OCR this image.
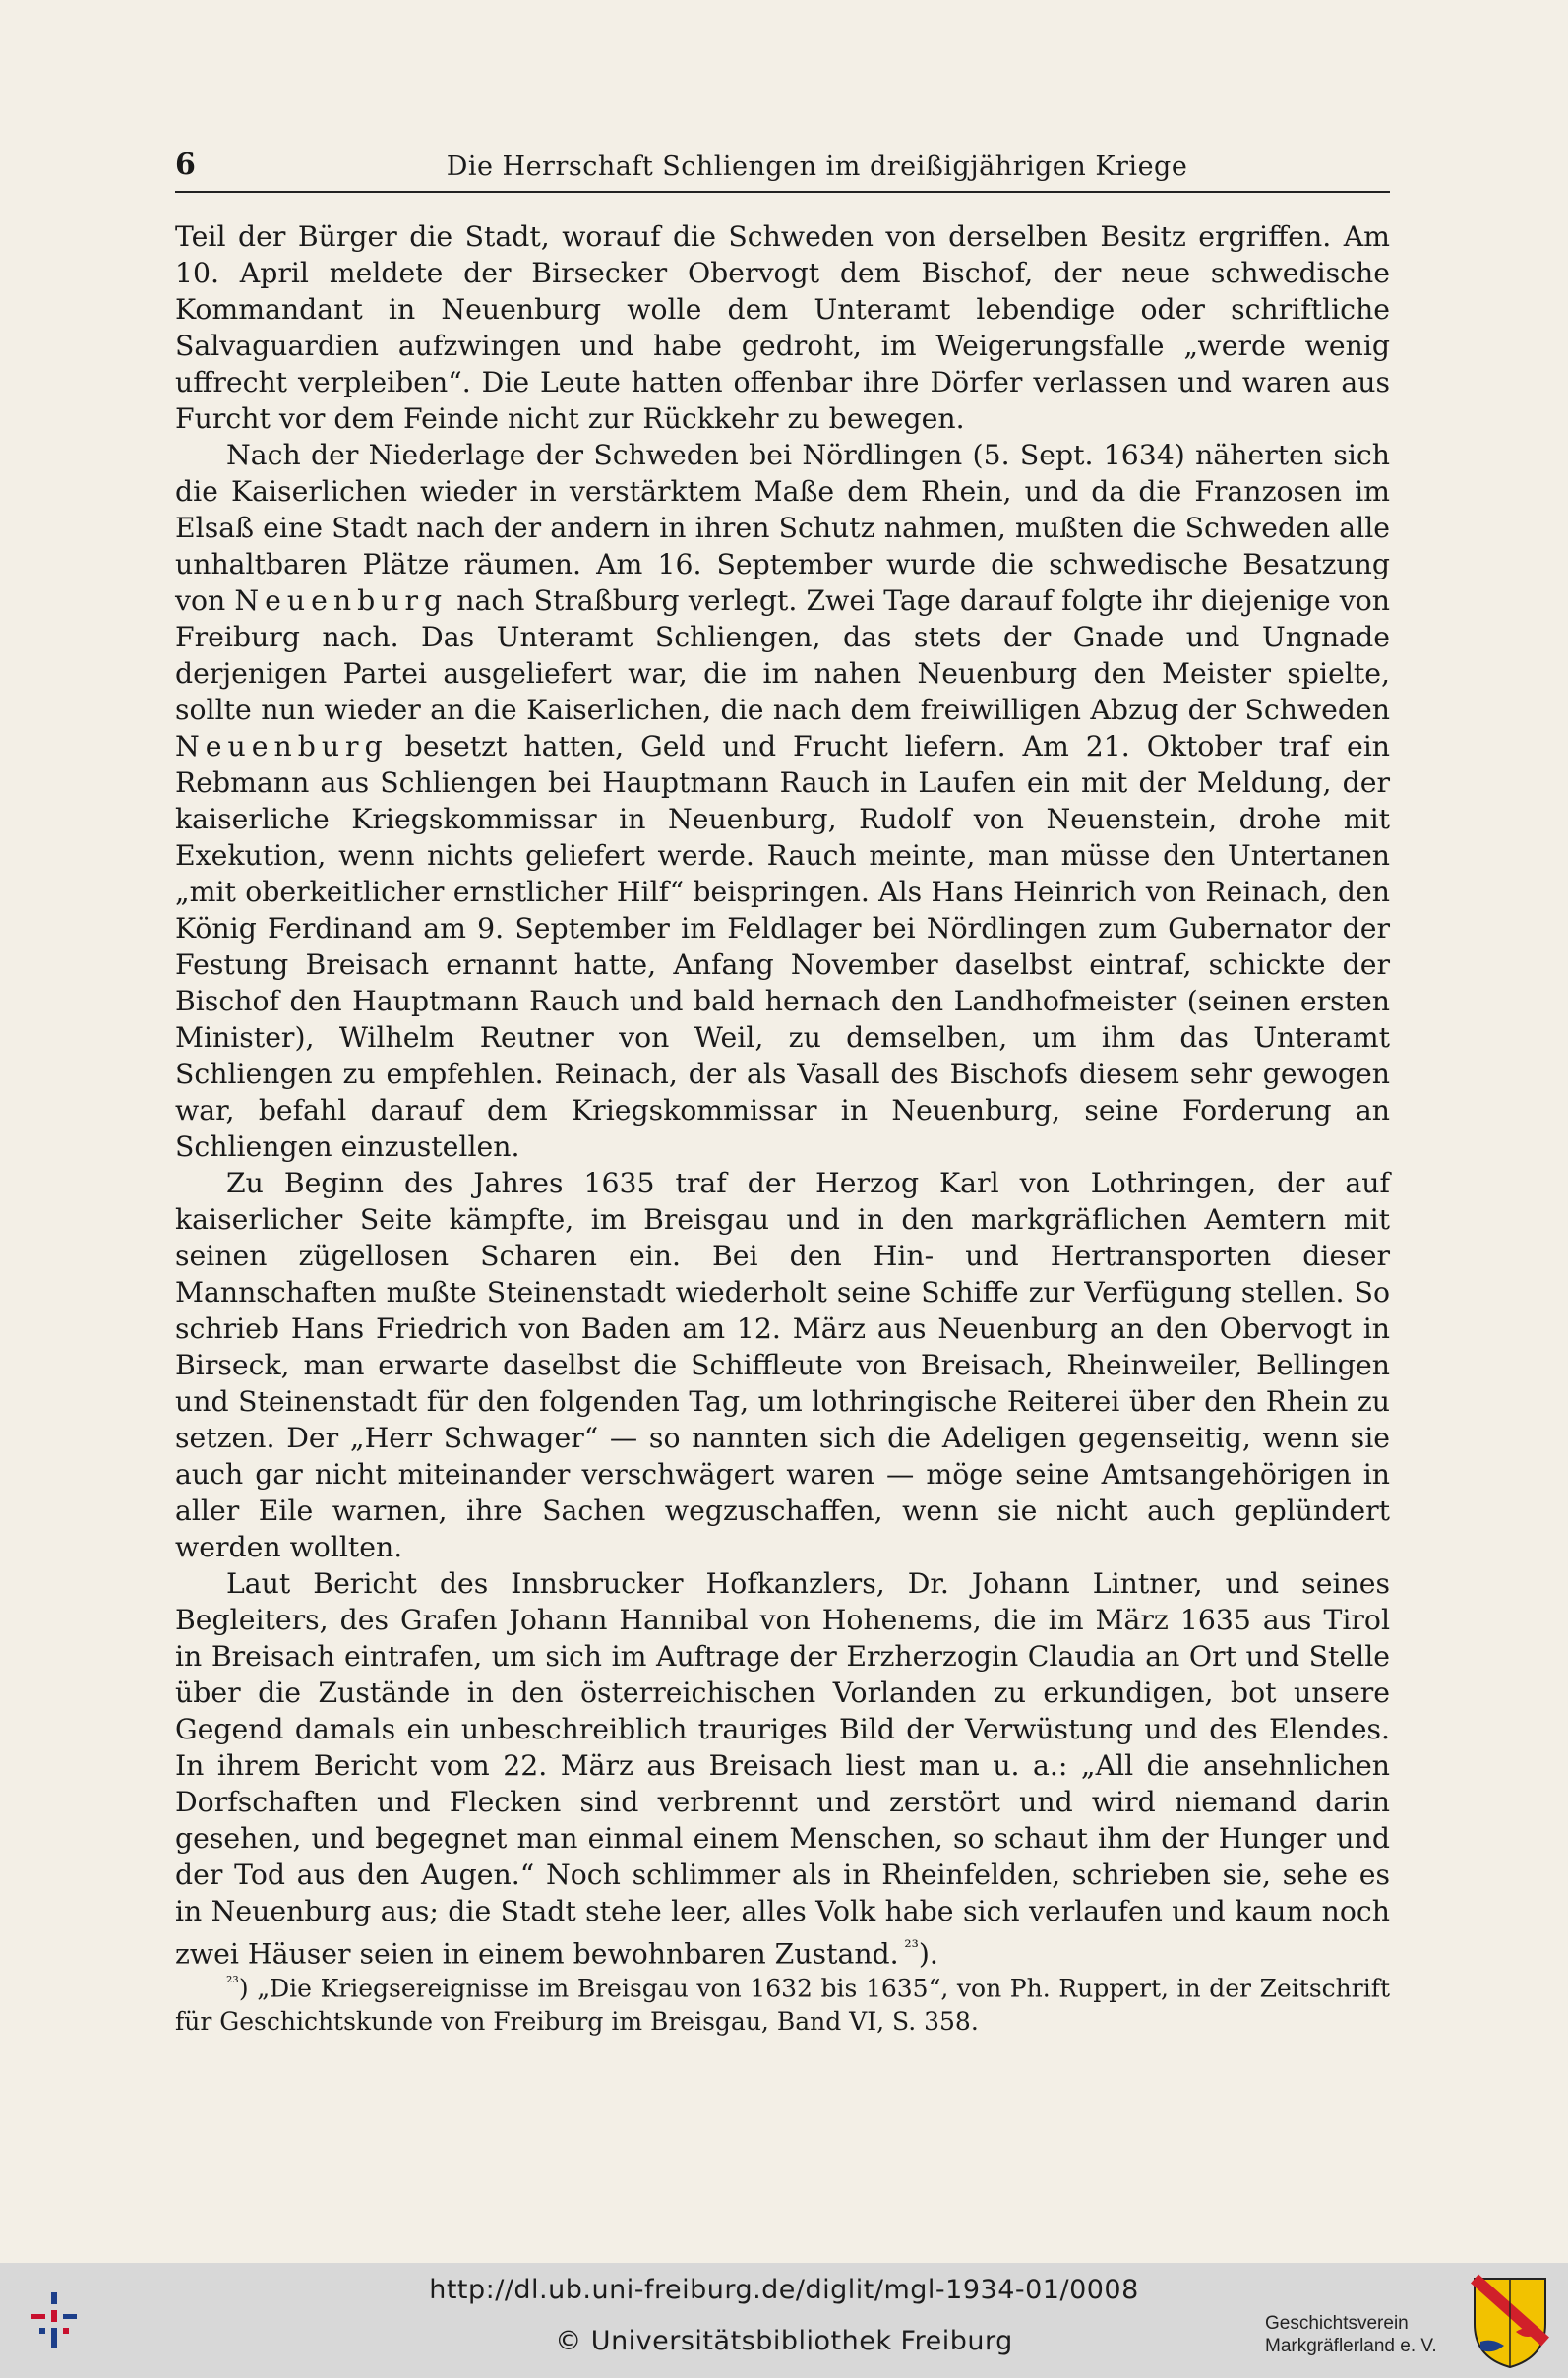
6	Die Herrschaft Schliengen im dreißigjährigen Kriege

Teil der Bürger die Stadt, worauf die Schweden von derselben Besitz ergriffen. Am 10. April meldete der Birsecker Obervogt dem Bischof, der neue schwedische Kommandant in Neuenburg wolle dem Unteramt lebendige oder schriftliche Salvaguardien aufzwingen und habe gedroht, im Weigerungsfalle „werde wenig uffrecht verpleiben“. Die Leute hatten offenbar ihre Dörfer verlassen und waren aus Furcht vor dem Feinde nicht zur Rückkehr zu bewegen.

Nach der Niederlage der Schweden bei Nördlingen (5. Sept. 1634) näherten sich die Kaiserlichen wieder in verstärktem Maße dem Rhein, und da die Franzosen im Elsaß eine Stadt nach der andern in ihren Schutz nahmen, mußten die Schweden alle unhaltbaren Plätze räumen. Am 16. September wurde die schwedische Besatzung von Neuenburg nach Straßburg verlegt. Zwei Tage darauf folgte ihr diejenige von Freiburg nach. Das Unteramt Schliengen, das stets der Gnade und Ungnade derjenigen Partei ausgeliefert war, die im nahen Neuenburg den Meister spielte, sollte nun wieder an die Kaiserlichen, die nach dem freiwilligen Abzug der Schweden Neuenburg besetzt hatten, Geld und Frucht liefern. Am 21. Oktober traf ein Rebmann aus Schliengen bei Hauptmann Rauch in Laufen ein mit der Meldung, der kaiserliche Kriegskommissar in Neuenburg, Rudolf von Neuenstein, drohe mit Exekution, wenn nichts geliefert werde. Rauch meinte, man müsse den Untertanen „mit oberkeitlicher ernstlicher Hilf“ beispringen. Als Hans Heinrich von Reinach, den König Ferdinand am 9. September im Feldlager bei Nördlingen zum Gubernator der Festung Breisach ernannt hatte, Anfang November daselbst eintraf, schickte der Bischof den Hauptmann Rauch und bald hernach den Landhofmeister (seinen ersten Minister), Wilhelm Reutner von Weil, zu demselben, um ihm das Unteramt Schliengen zu empfehlen. Reinach, der als Vasall des Bischofs diesem sehr gewogen war, befahl darauf dem Kriegskommissar in Neuenburg, seine Forderung an Schliengen einzustellen.

Zu Beginn des Jahres 1635 traf der Herzog Karl von Lothringen, der auf kaiserlicher Seite kämpfte, im Breisgau und in den markgräflichen Aemtern mit seinen zügellosen Scharen ein. Bei den Hin- und Hertransporten dieser Mannschaften mußte Steinenstadt wiederholt seine Schiffe zur Verfügung stellen. So schrieb Hans Friedrich von Baden am 12. März aus Neuenburg an den Obervogt in Birseck, man erwarte daselbst die Schiffleute von Breisach, Rheinweiler, Bellingen und Steinenstadt für den folgenden Tag, um lothringische Reiterei über den Rhein zu setzen. Der „Herr Schwager“ — so nannten sich die Adeligen gegenseitig, wenn sie auch gar nicht miteinander verschwägert waren — möge seine Amtsangehörigen in aller Eile warnen, ihre Sachen wegzuschaffen, wenn sie nicht auch geplündert werden wollten.

Laut Bericht des Innsbrucker Hofkanzlers, Dr. Johann Lintner, und seines Begleiters, des Grafen Johann Hannibal von Hohenems, die im März 1635 aus Tirol in Breisach eintrafen, um sich im Auftrage der Erzherzogin Claudia an Ort und Stelle über die Zustände in den österreichischen Vorlanden zu erkundigen, bot unsere Gegend damals ein unbeschreiblich trauriges Bild der Verwüstung und des Elendes. In ihrem Bericht vom 22. März aus Breisach liest man u. a.: „All die ansehnlichen Dorfschaften und Flecken sind verbrennt und zerstört und wird niemand darin gesehen, und begegnet man einmal einem Menschen, so schaut ihm der Hunger und der Tod aus den Augen.“ Noch schlimmer als in Rheinfelden, schrieben sie, sehe es in Neuenburg aus; die Stadt stehe leer, alles Volk habe sich verlaufen und kaum noch zwei Häuser seien in einem bewohnbaren Zustand. $^{^{23}}$).

$^{^{23}}$) „Die Kriegsereignisse im Breisgau von 1632 bis 1635“, von Ph. Ruppert, in der Zeitschrift für Geschichtskunde von Freiburg im Breisgau, Band VI, S. 358.

http://dl.ub.uni-freiburg.de/diglit/mgl-1934-01/0008
© Universitätsbibliothek Freiburg
Geschichtsverein
Markgräflerland e. V.
